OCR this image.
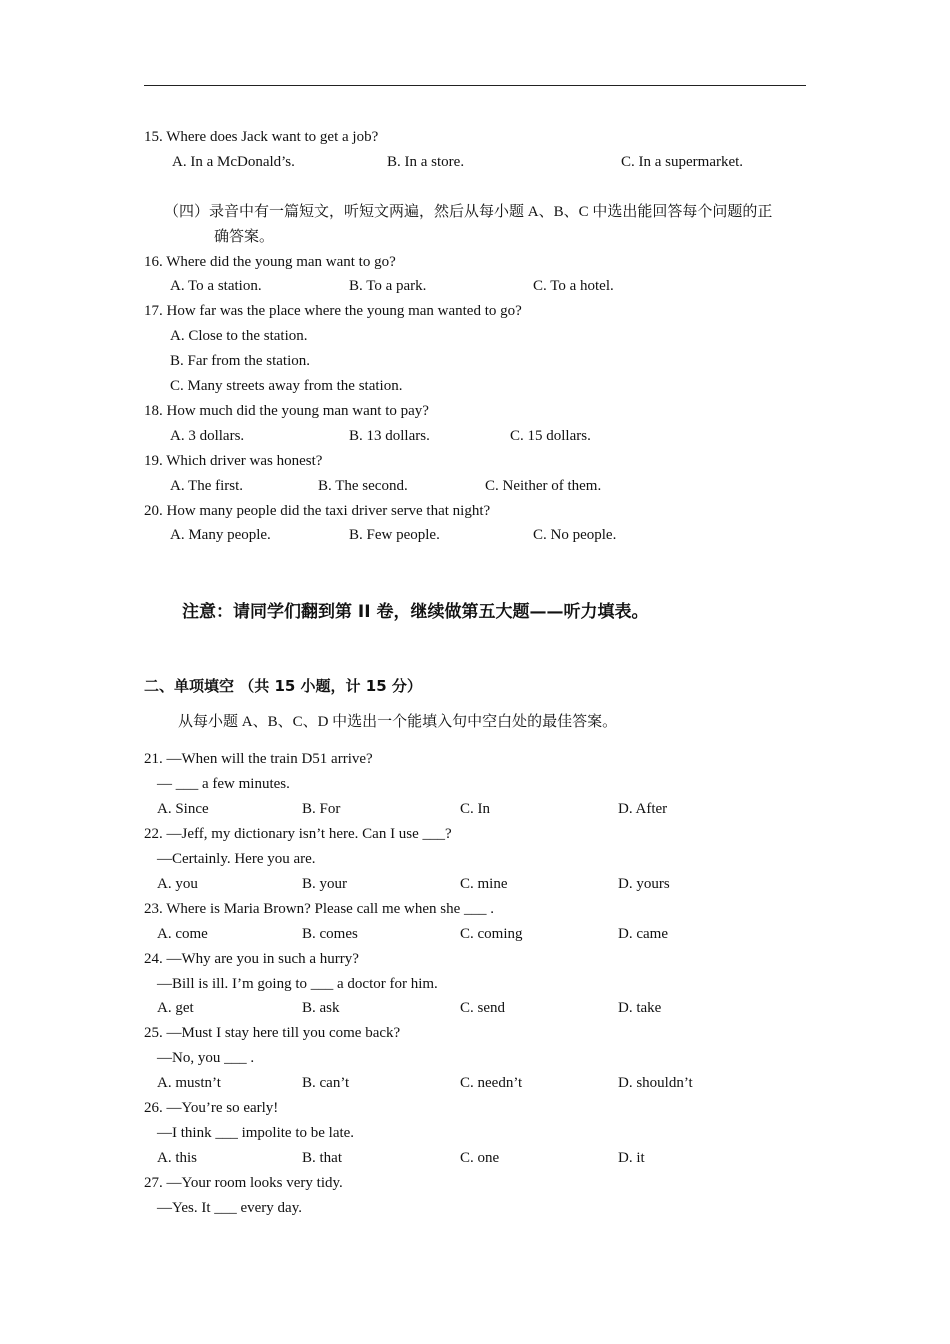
15. Where does Jack want to get a job?
A. In a McDonald’s.	B. In a store.	C. In a supermarket.
（四）录音中有一篇短文，听短文两遍，然后从每小题 A、B、C 中选出能回答每个问题的正
确答案。
16. Where did the young man want to go?
A. To a station.	B. To a park.	C. To a hotel.
17. How far was the place where the young man wanted to go?
A. Close to the station.
B. Far from the station.
C. Many streets away from the station.
18. How much did the young man want to pay?
A. 3 dollars.	B. 13 dollars.	C. 15 dollars.
19. Which driver was honest?
A. The first.	B. The second.	C. Neither of them.
20. How many people did the taxi driver serve that night?
A. Many people.	B. Few people.	C. No people.
注意：请同学们翻到第 II 卷，继续做第五大题——听力填表。
二、单项填空 （共 15 小题，计 15 分）
从每小题 A、B、C、D 中选出一个能填入句中空白处的最佳答案。
21. —When will the train D51 arrive?
— ___ a few minutes.
A. Since	B. For	C. In	D. After
22. —Jeff, my dictionary isn’t here. Can I use ___?
—Certainly. Here you are.
A. you	B. your	C. mine	D. yours
23. Where is Maria Brown? Please call me when she ___ .
A. come	B. comes	C. coming	D. came
24. —Why are you in such a hurry?
—Bill is ill. I’m going to ___ a doctor for him.
A. get	B. ask	C. send	D. take
25. —Must I stay here till you come back?
—No, you ___ .
A. mustn’t	B. can’t	C. needn’t	D. shouldn’t
26. —You’re so early!
—I think ___ impolite to be late.
A. this	B. that	C. one	D. it
27. —Your room looks very tidy.
—Yes. It ___ every day.
